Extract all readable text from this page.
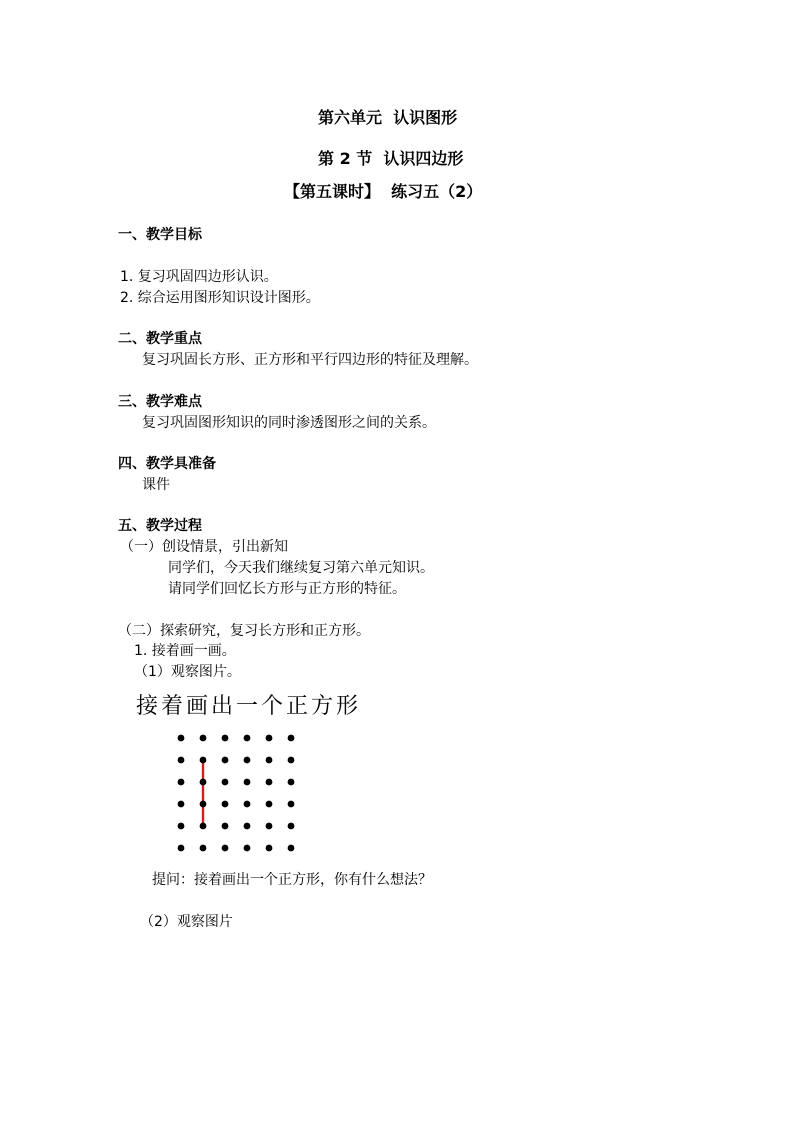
第六单元  认识图形
第 2 节  认识四边形
【第五课时】  练习五（2）
一、教学目标
1. 复习巩固四边形认识。
2. 综合运用图形知识设计图形。
二、教学重点
复习巩固长方形、正方形和平行四边形的特征及理解。
三、教学难点
复习巩固图形知识的同时渗透图形之间的关系。
四、教学具准备
课件
五、教学过程
（一）创设情景，引出新知
同学们，今天我们继续复习第六单元知识。
请同学们回忆长方形与正方形的特征。
（二）探索研究，复习长方形和正方形。
1. 接着画一画。
（1）观察图片。
接着画出一个正方形
提问：接着画出一个正方形，你有什么想法？
（2）观察图片
